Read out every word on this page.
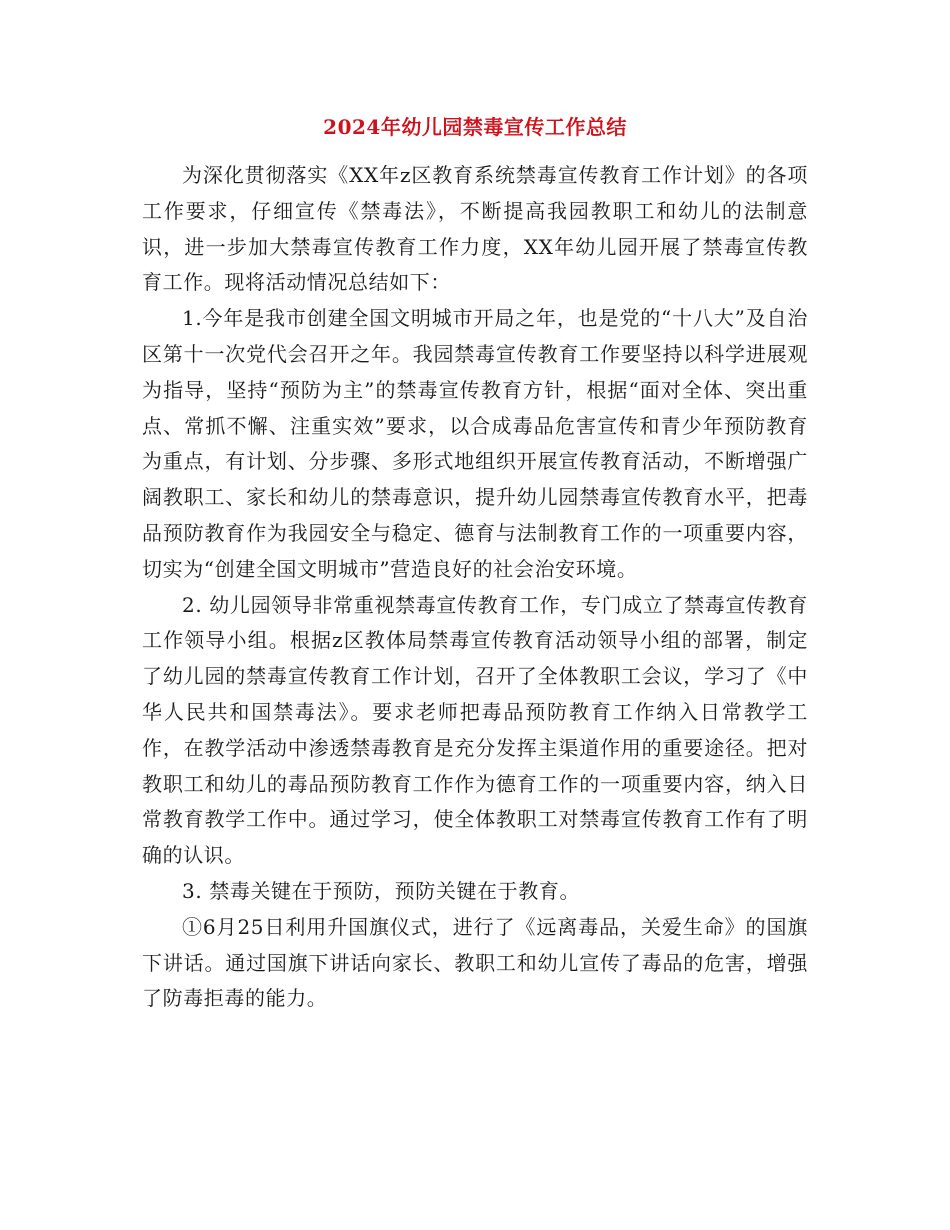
2024年幼儿园禁毒宣传工作总结

为深化贯彻落实《XX年z区教育系统禁毒宣传教育工作计划》的各项工作要求，仔细宣传《禁毒法》，不断提高我园教职工和幼儿的法制意识，进一步加大禁毒宣传教育工作力度，XX年幼儿园开展了禁毒宣传教育工作。现将活动情况总结如下：

1.今年是我市创建全国文明城市开局之年，也是党的“十八大”及自治区第十一次党代会召开之年。我园禁毒宣传教育工作要坚持以科学进展观为指导，坚持“预防为主”的禁毒宣传教育方针，根据“面对全体、突出重点、常抓不懈、注重实效”要求，以合成毒品危害宣传和青少年预防教育为重点，有计划、分步骤、多形式地组织开展宣传教育活动，不断增强广阔教职工、家长和幼儿的禁毒意识，提升幼儿园禁毒宣传教育水平，把毒品预防教育作为我园安全与稳定、德育与法制教育工作的一项重要内容，切实为“创建全国文明城市”营造良好的社会治安环境。

2. 幼儿园领导非常重视禁毒宣传教育工作，专门成立了禁毒宣传教育工作领导小组。根据z区教体局禁毒宣传教育活动领导小组的部署，制定了幼儿园的禁毒宣传教育工作计划，召开了全体教职工会议，学习了《中华人民共和国禁毒法》。要求老师把毒品预防教育工作纳入日常教学工作，在教学活动中渗透禁毒教育是充分发挥主渠道作用的重要途径。把对教职工和幼儿的毒品预防教育工作作为德育工作的一项重要内容，纳入日常教育教学工作中。通过学习，使全体教职工对禁毒宣传教育工作有了明确的认识。

3. 禁毒关键在于预防，预防关键在于教育。

①6月25日利用升国旗仪式，进行了《远离毒品，关爱生命》的国旗下讲话。通过国旗下讲话向家长、教职工和幼儿宣传了毒品的危害，增强了防毒拒毒的能力。
